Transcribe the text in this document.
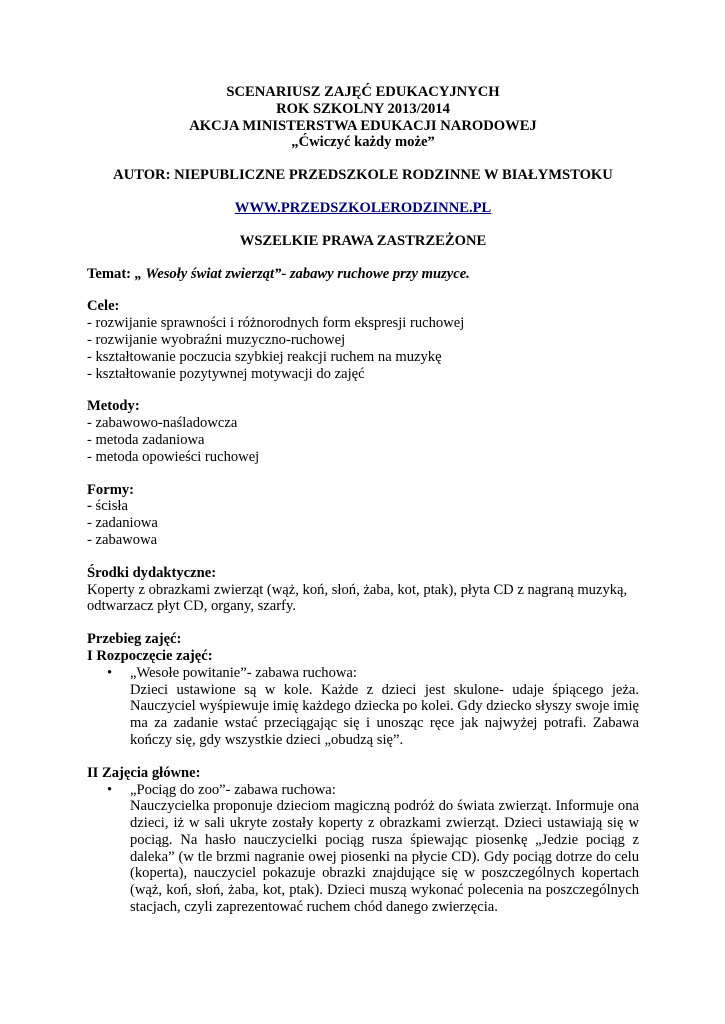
SCENARIUSZ ZAJĘĆ EDUKACYJNYCH
ROK SZKOLNY 2013/2014
AKCJA MINISTERSTWA EDUKACJI NARODOWEJ
„Ćwiczyć każdy może”
AUTOR: NIEPUBLICZNE PRZEDSZKOLE RODZINNE W BIAŁYMSTOKU
WWW.PRZEDSZKOLERODZINNE.PL
WSZELKIE PRAWA ZASTRZEŻONE
Temat: „ Wesoły świat zwierząt”- zabawy ruchowe przy muzyce.
Cele:
- rozwijanie sprawności i różnorodnych form ekspresji ruchowej
- rozwijanie wyobraźni muzyczno-ruchowej
- kształtowanie poczucia szybkiej reakcji ruchem na muzykę
- kształtowanie pozytywnej motywacji do zajęć
Metody:
- zabawowo-naśladowcza
- metoda zadaniowa
- metoda opowieści ruchowej
Formy:
- ścisła
- zadaniowa
- zabawowa
Środki dydaktyczne:
Koperty z obrazkami zwierząt (wąż, koń, słoń, żaba, kot, ptak), płyta CD z nagraną muzyką,
odtwarzacz płyt CD, organy, szarfy.
Przebieg zajęć:
I Rozpoczęcie zajęć:
• „Wesołe powitanie”- zabawa ruchowa:
Dzieci ustawione są w kole. Każde z dzieci jest skulone- udaje śpiącego jeża. Nauczyciel wyśpiewuje imię każdego dziecka po kolei. Gdy dziecko słyszy swoje imię ma za zadanie wstać przeciągając się i unosząc ręce jak najwyżej potrafi. Zabawa kończy się, gdy wszystkie dzieci „obudzą się”.
II Zajęcia główne:
• „Pociąg do zoo”- zabawa ruchowa:
Nauczycielka proponuje dzieciom magiczną podróż do świata zwierząt. Informuje ona dzieci, iż w sali ukryte zostały koperty z obrazkami zwierząt. Dzieci ustawiają się w pociąg. Na hasło nauczycielki pociąg rusza śpiewając piosenkę „Jedzie pociąg z daleka” (w tle brzmi nagranie owej piosenki na płycie CD). Gdy pociąg dotrze do celu (koperta), nauczyciel pokazuje obrazki znajdujące się w poszczególnych kopertach (wąż, koń, słoń, żaba, kot, ptak). Dzieci muszą wykonać polecenia na poszczególnych stacjach, czyli zaprezentować ruchem chód danego zwierzęcia.
